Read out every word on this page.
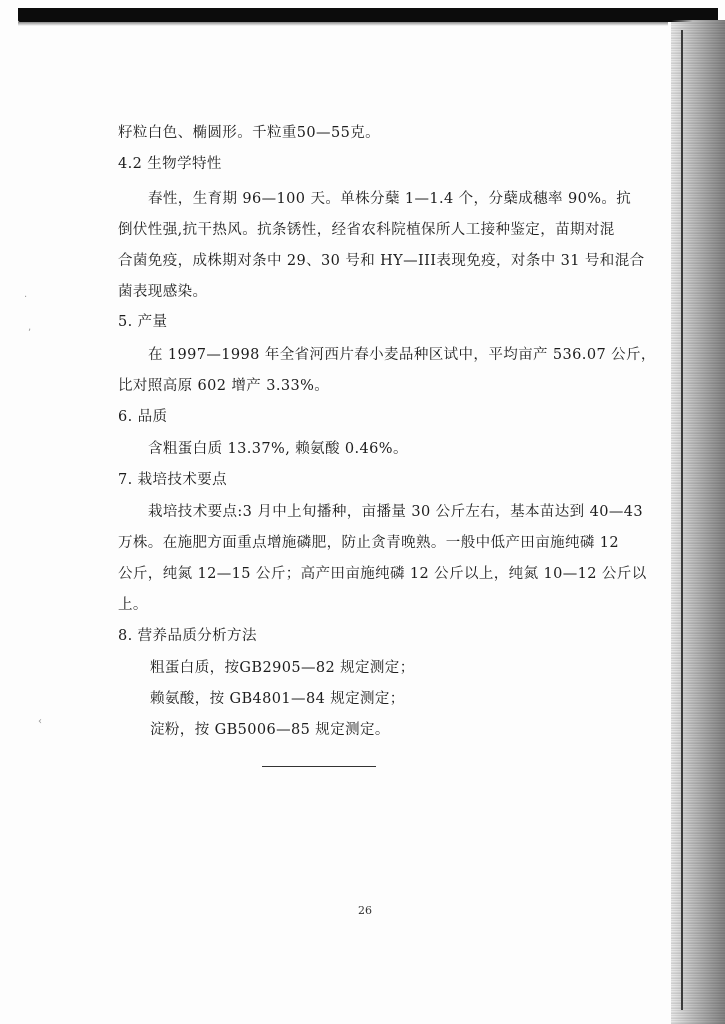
·
,
‹
籽粒白色、椭圆形。千粒重50—55克。
4.2 生物学特性
春性，生育期 96—100 天。单株分蘖 1—1.4 个，分蘖成穗率 90%。抗
倒伏性强,抗干热风。抗条锈性，经省农科院植保所人工接种鉴定，苗期对混
合菌免疫，成株期对条中 29、30 号和 HY—III表现免疫，对条中 31 号和混合
菌表现感染。
5. 产量
在 1997—1998 年全省河西片春小麦品种区试中，平均亩产 536.07 公斤，
比对照高原 602 增产 3.33%。
6. 品质
含粗蛋白质 13.37%, 赖氨酸 0.46%。
7. 栽培技术要点
栽培技术要点:3 月中上旬播种，亩播量 30 公斤左右，基本苗达到 40—43
万株。在施肥方面重点增施磷肥，防止贪青晚熟。一般中低产田亩施纯磷 12
公斤，纯氮 12—15 公斤；高产田亩施纯磷 12 公斤以上，纯氮 10—12 公斤以
上。
8. 营养品质分析方法
粗蛋白质，按GB2905—82 规定测定；
赖氨酸，按 GB4801—84 规定测定；
淀粉，按 GB5006—85 规定测定。
26
